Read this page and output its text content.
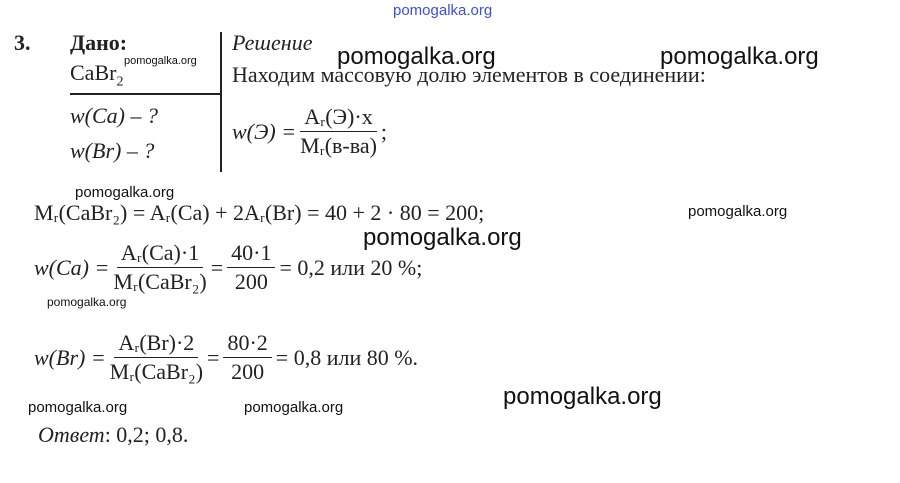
pomogalka.org
3. Дано:
CaBr$_2$
w(Ca) – ?
w(Br) – ?
Решение
Находим массовую долю элементов в соединении:
$w(Э) = \frac{\text{Aᵣ(Э)·x}}{\text{Mᵣ(в-ва)}}$ ;
Mᵣ(CaBr₂) = Aᵣ(Ca) + 2Aᵣ(Br) = 40 + 2 · 80 = 200;
$w(Ca) = \frac{\text{Aᵣ(Ca)·1}}{\text{Mᵣ(CaBr₂)}} = \frac{40\cdot 1}{200} = 0,2$ или 20 %;
$w(Br) = \frac{\text{Aᵣ(Br)·2}}{\text{Mᵣ(CaBr₂)}} = \frac{80\cdot 2}{200} = 0,8$ или 80 %.
Ответ: 0,2; 0,8.
pomogalka.org	pomogalka.org	pomogalka.org
pomogalka.org
pomogalka.org
pomogalka.org
pomogalka.org
pomogalka.org	pomogalka.org	pomogalka.org
